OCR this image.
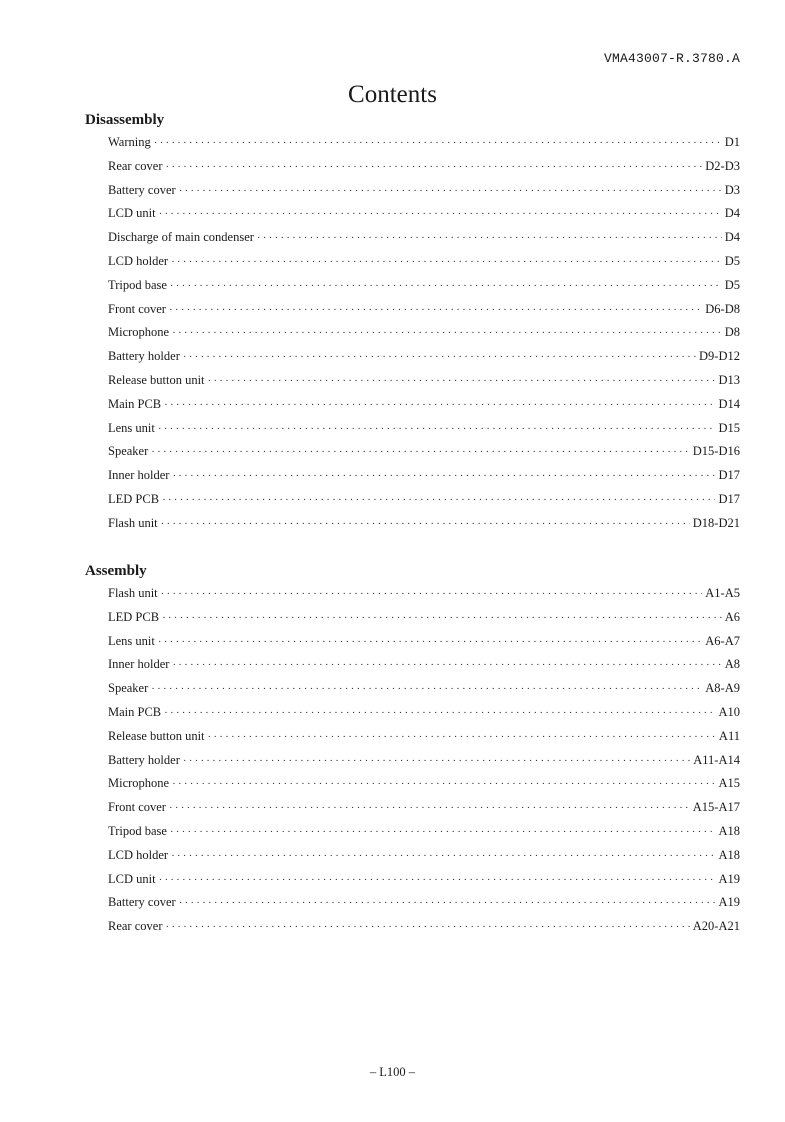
VMA43007-R.3780.A
Contents
Disassembly
Warning ·····	D1
Rear cover ·····	D2-D3
Battery cover ·····	D3
LCD unit ·····	D4
Discharge of main condenser ·····	D4
LCD holder ·····	D5
Tripod base ·····	D5
Front cover ·····	D6-D8
Microphone ·····	D8
Battery holder ·····	D9-D12
Release button unit ·····	D13
Main PCB ·····	D14
Lens unit ·····	D15
Speaker ·····	D15-D16
Inner holder ·····	D17
LED PCB ·····	D17
Flash unit ·····	D18-D21
Assembly
Flash unit ·····	A1-A5
LED PCB ·····	A6
Lens unit ·····	A6-A7
Inner holder ·····	A8
Speaker ·····	A8-A9
Main PCB ·····	A10
Release button unit ·····	A11
Battery holder ·····	A11-A14
Microphone ·····	A15
Front cover ·····	A15-A17
Tripod base ·····	A18
LCD holder ·····	A18
LCD unit ·····	A19
Battery cover ·····	A19
Rear cover ·····	A20-A21
– L100 –
